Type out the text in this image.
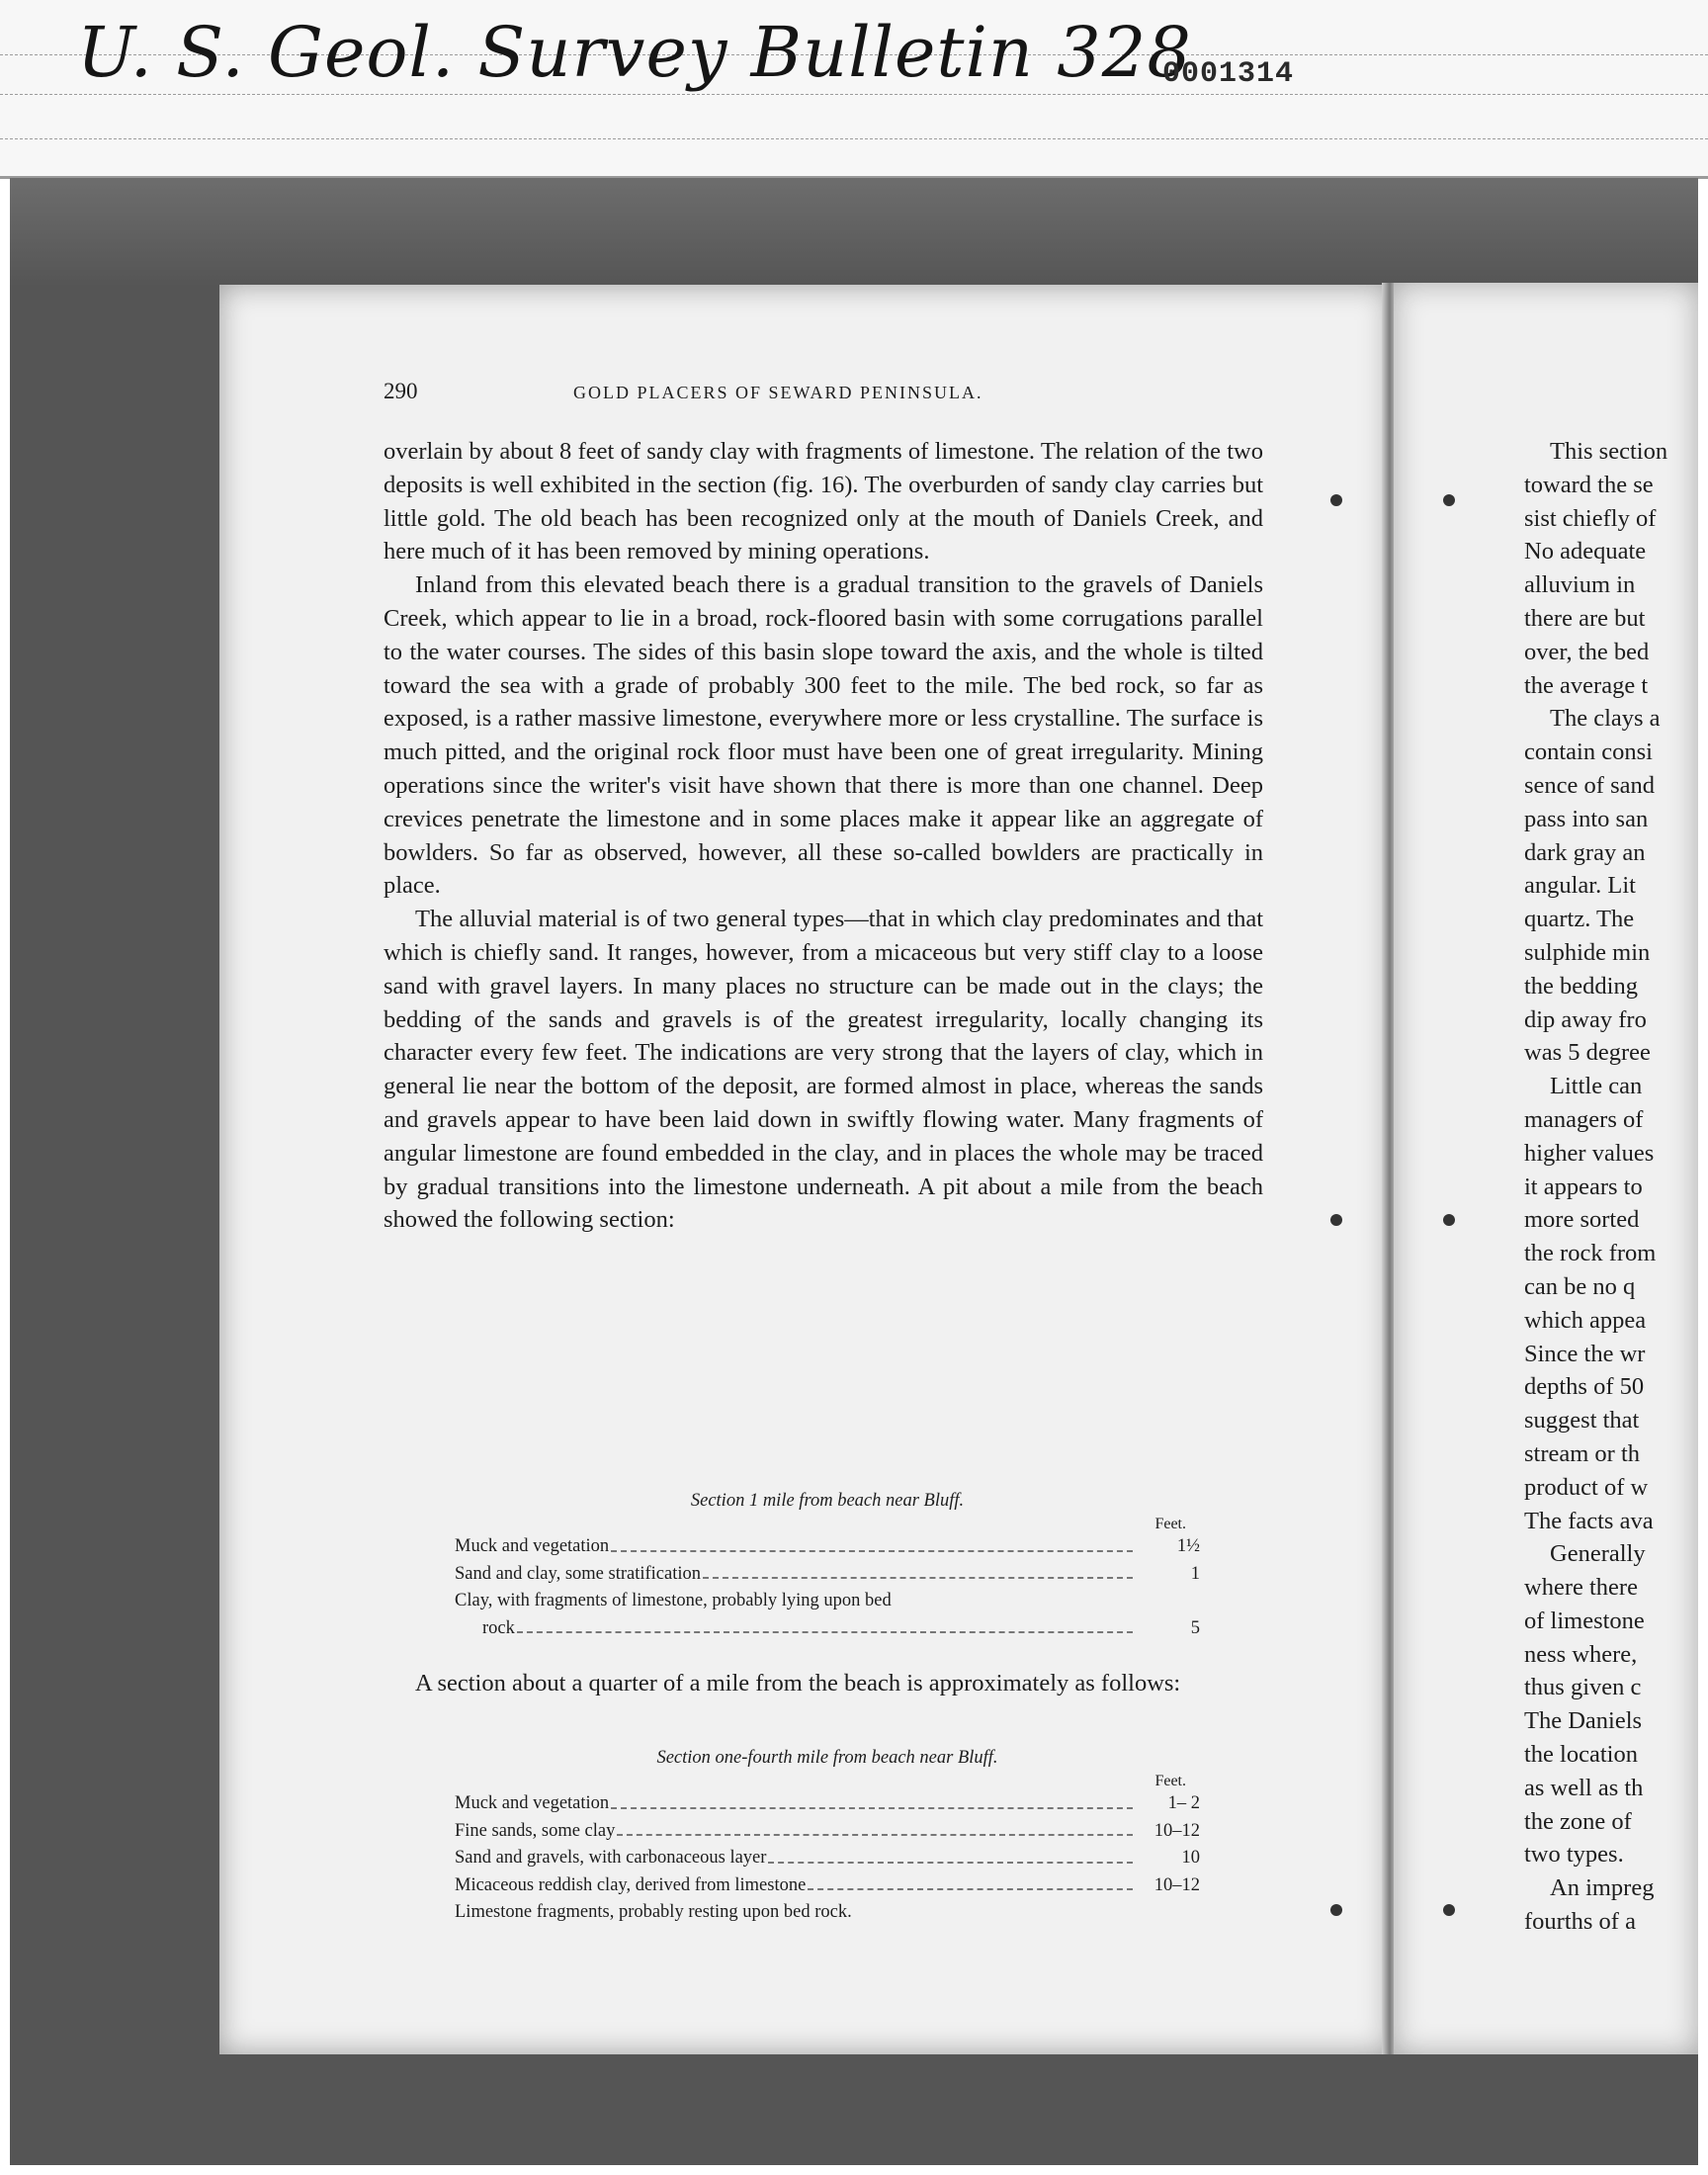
U. S. Geol. Survey Bulletin 328
0001314
290	GOLD PLACERS OF SEWARD PENINSULA.

overlain by about 8 feet of sandy clay with fragments of limestone. The relation of the two deposits is well exhibited in the section (fig. 16). The overburden of sandy clay carries but little gold. The old beach has been recognized only at the mouth of Daniels Creek, and here much of it has been removed by mining operations.

Inland from this elevated beach there is a gradual transition to the gravels of Daniels Creek, which appear to lie in a broad, rock-floored basin with some corrugations parallel to the water courses. The sides of this basin slope toward the axis, and the whole is tilted toward the sea with a grade of probably 300 feet to the mile. The bed rock, so far as exposed, is a rather massive limestone, everywhere more or less crystalline. The surface is much pitted, and the original rock floor must have been one of great irregularity. Mining operations since the writer's visit have shown that there is more than one channel. Deep crevices penetrate the limestone and in some places make it appear like an aggregate of bowlders. So far as observed, however, all these so-called bowlders are practically in place.

The alluvial material is of two general types—that in which clay predominates and that which is chiefly sand. It ranges, however, from a micaceous but very stiff clay to a loose sand with gravel layers. In many places no structure can be made out in the clays; the bedding of the sands and gravels is of the greatest irregularity, locally changing its character every few feet. The indications are very strong that the layers of clay, which in general lie near the bottom of the deposit, are formed almost in place, whereas the sands and gravels appear to have been laid down in swiftly flowing water. Many fragments of angular limestone are found embedded in the clay, and in places the whole may be traced by gradual transitions into the limestone underneath. A pit about a mile from the beach showed the following section:

Section 1 mile from beach near Bluff.
Feet.
Muck and vegetation	1½
Sand and clay, some stratification	1
Clay, with fragments of limestone, probably lying upon bed
rock	5

A section about a quarter of a mile from the beach is approximately as follows:

Section one-fourth mile from beach near Bluff.
Feet.
Muck and vegetation	1– 2
Fine sands, some clay	10–12
Sand and gravels, with carbonaceous layer	10
Micaceous reddish clay, derived from limestone	10–12
Limestone fragments, probably resting upon bed rock.
This section
toward the se
sist chiefly of
No adequate
alluvium in
there are but
over, the bed
the average t
The clays a
contain consi
sence of sand
pass into san
dark gray an
angular. Lit
quartz. The
sulphide min
the bedding
dip away fro
was 5 degree
Little can
managers of
higher values
it appears to
more sorted
the rock from
can be no q
which appea
Since the wr
depths of 50
suggest that
stream or th
product of w
The facts ava
Generally
where there
of limestone
ness where,
thus given c
The Daniels
the location
as well as th
the zone of
two types.
An impreg
fourths of a
